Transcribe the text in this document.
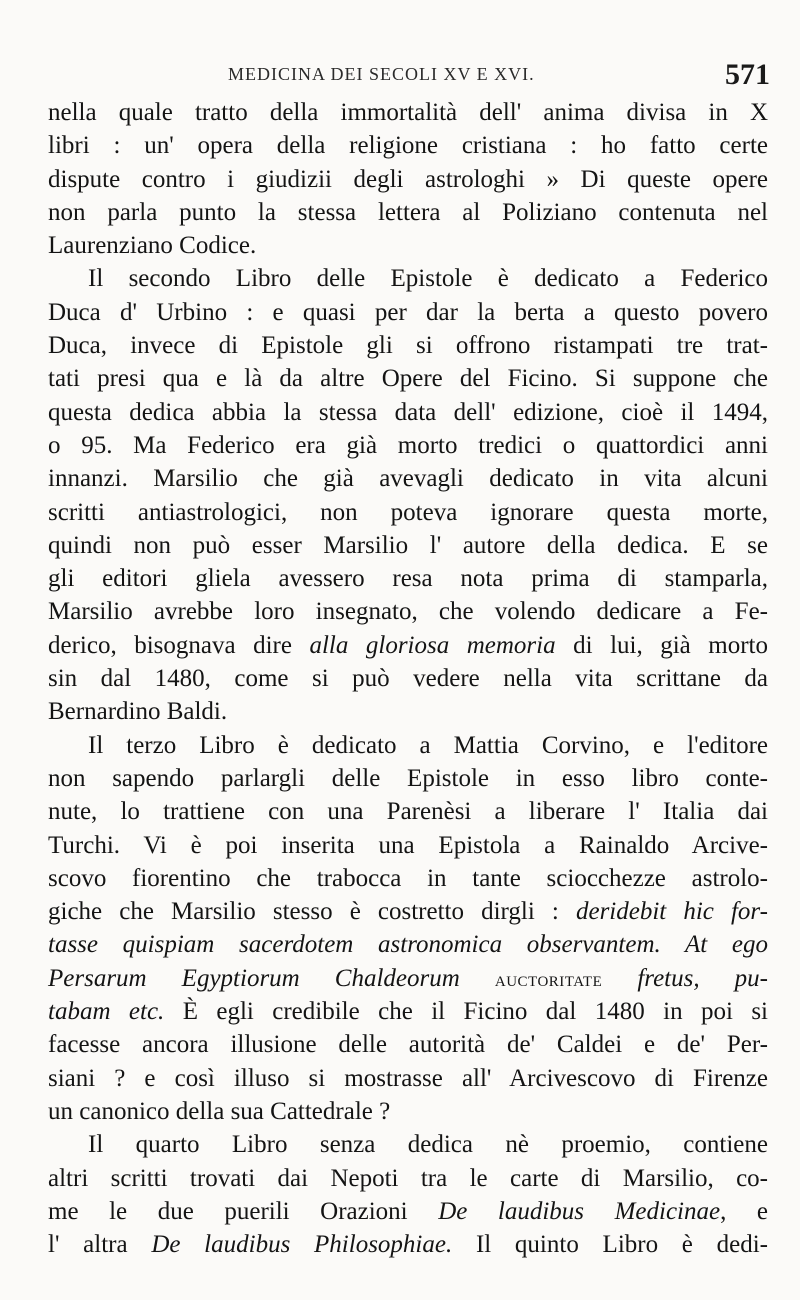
MEDICINA DEI SECOLI XV E XVI.	571
nella quale tratto della immortalità dell' anima divisa in X
libri : un' opera della religione cristiana : ho fatto certe
dispute contro i giudizii degli astrologhi » Di queste opere
non parla punto la stessa lettera al Poliziano contenuta nel
Laurenziano Codice.
Il secondo Libro delle Epistole è dedicato a Federico
Duca d' Urbino : e quasi per dar la berta a questo povero
Duca, invece di Epistole gli si offrono ristampati tre trat-
tati presi qua e là da altre Opere del Ficino. Si suppone che
questa dedica abbia la stessa data dell' edizione, cioè il 1494,
o 95. Ma Federico era già morto tredici o quattordici anni
innanzi. Marsilio che già avevagli dedicato in vita alcuni
scritti antiastrologici, non poteva ignorare questa morte,
quindi non può esser Marsilio l' autore della dedica. E se
gli editori gliela avessero resa nota prima di stamparla,
Marsilio avrebbe loro insegnato, che volendo dedicare a Fe-
derico, bisognava dire alla gloriosa memoria di lui, già morto
sin dal 1480, come si può vedere nella vita scrittane da
Bernardino Baldi.
Il terzo Libro è dedicato a Mattia Corvino, e l'editore
non sapendo parlargli delle Epistole in esso libro conte-
nute, lo trattiene con una Parenèsi a liberare l' Italia dai
Turchi. Vi è poi inserita una Epistola a Rainaldo Arcive-
scovo fiorentino che trabocca in tante sciocchezze astrolo-
giche che Marsilio stesso è costretto dirgli : deridebit hic for-
tasse quispiam sacerdotem astronomica observantem. At ego
Persarum Egyptiorum Chaldeorum auctoritate fretus, pu-
tabam etc. È egli credibile che il Ficino dal 1480 in poi si
facesse ancora illusione delle autorità de' Caldei e de' Per-
siani ? e così illuso si mostrasse all' Arcivescovo di Firenze
un canonico della sua Cattedrale ?
Il quarto Libro senza dedica nè proemio, contiene
altri scritti trovati dai Nepoti tra le carte di Marsilio, co-
me le due puerili Orazioni De laudibus Medicinae, e
l' altra De laudibus Philosophiae. Il quinto Libro è dedi-
